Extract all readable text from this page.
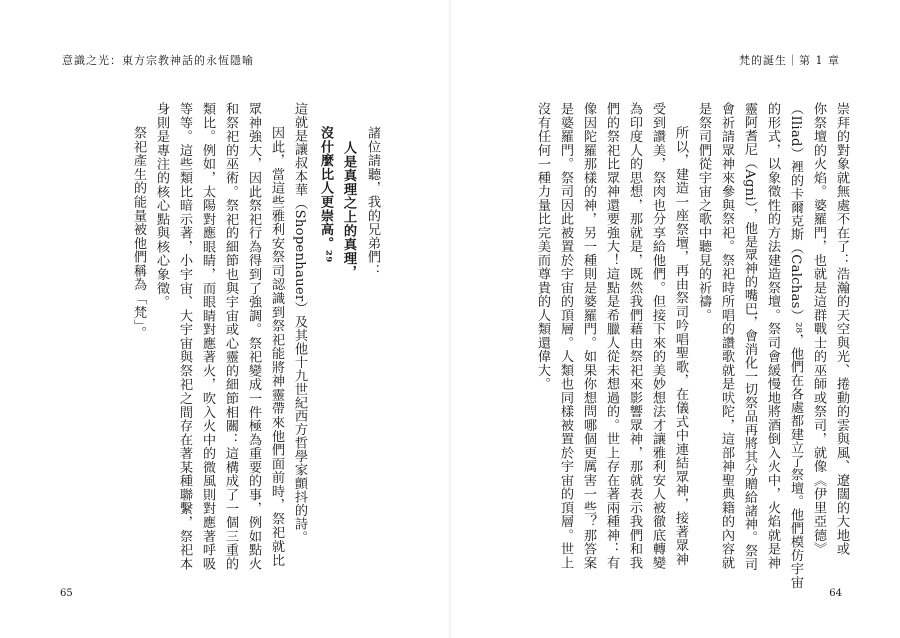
意識之光：東方宗教神話的永恆隱喻	梵的誕生｜第 1 章
崇拜的對象就無處不在了：浩瀚的天空與光、捲動的雲與風、遼闊的大地或
你祭壇的火焰。婆羅門，也就是這群戰士的巫師或祭司，就像《伊里亞德》
（Iliad）裡的卡爾克斯（Calchas）²⁸，他們在各處都建立了祭壇。他們模仿宇宙
的形式，以象徵性的方法建造祭壇。祭司會緩慢地將酒倒入火中，火焰就是神
靈阿耆尼（Agni），他是眾神的嘴巴，會消化一切祭品再將其分贈給諸神。祭司
會祈請眾神來參與祭祀。祭祀時所唱的讚歌就是吠陀，這部神聖典籍的內容就
是祭司們從宇宙之歌中聽見的祈禱。
所以，建造一座祭壇，再由祭司吟唱聖歌，在儀式中連結眾神，接著眾神
受到讚美，祭肉也分享給他們。但接下來的美妙想法才讓雅利安人被徹底轉變
為印度人的思想，那就是，既然我們藉由祭祀來影響眾神，那就表示我們和我
們的祭祀比眾神還要強大！這點是希臘人從未想過的。世上存在著兩種神：有
像因陀羅那樣的神，另一種則是婆羅門。如果你想問哪個更厲害一些？那答案
是婆羅門。祭司因此被置於宇宙的頂層。人類也同樣被置於宇宙的頂層。世上
沒有任何一種力量比完美而尊貴的人類還偉大。
諸位請聽，我的兄弟們：
人是真理之上的真理，
沒什麼比人更崇高。²⁹
這就是讓叔本華（Shopenhauer）及其他十九世紀西方哲學家顫抖的詩。
因此，當這些雅利安祭司認識到祭祀能將神靈帶來他們面前時，祭祀就比
眾神強大，因此祭祀行為得到了強調。祭祀變成一件極為重要的事，例如點火
和祭祀的巫術。祭祀的細節也與宇宙或心靈的細節相關：這構成了一個三重的
類比。例如，太陽對應眼睛，而眼睛對應著火，吹入火中的微風則對應著呼吸
等等。這些類比暗示著，小宇宙、大宇宙與祭祀之間存在著某種聯繫，祭祀本
身則是專注的核心點與核心象徵。
祭祀產生的能量被他們稱為「梵」。
65	64
